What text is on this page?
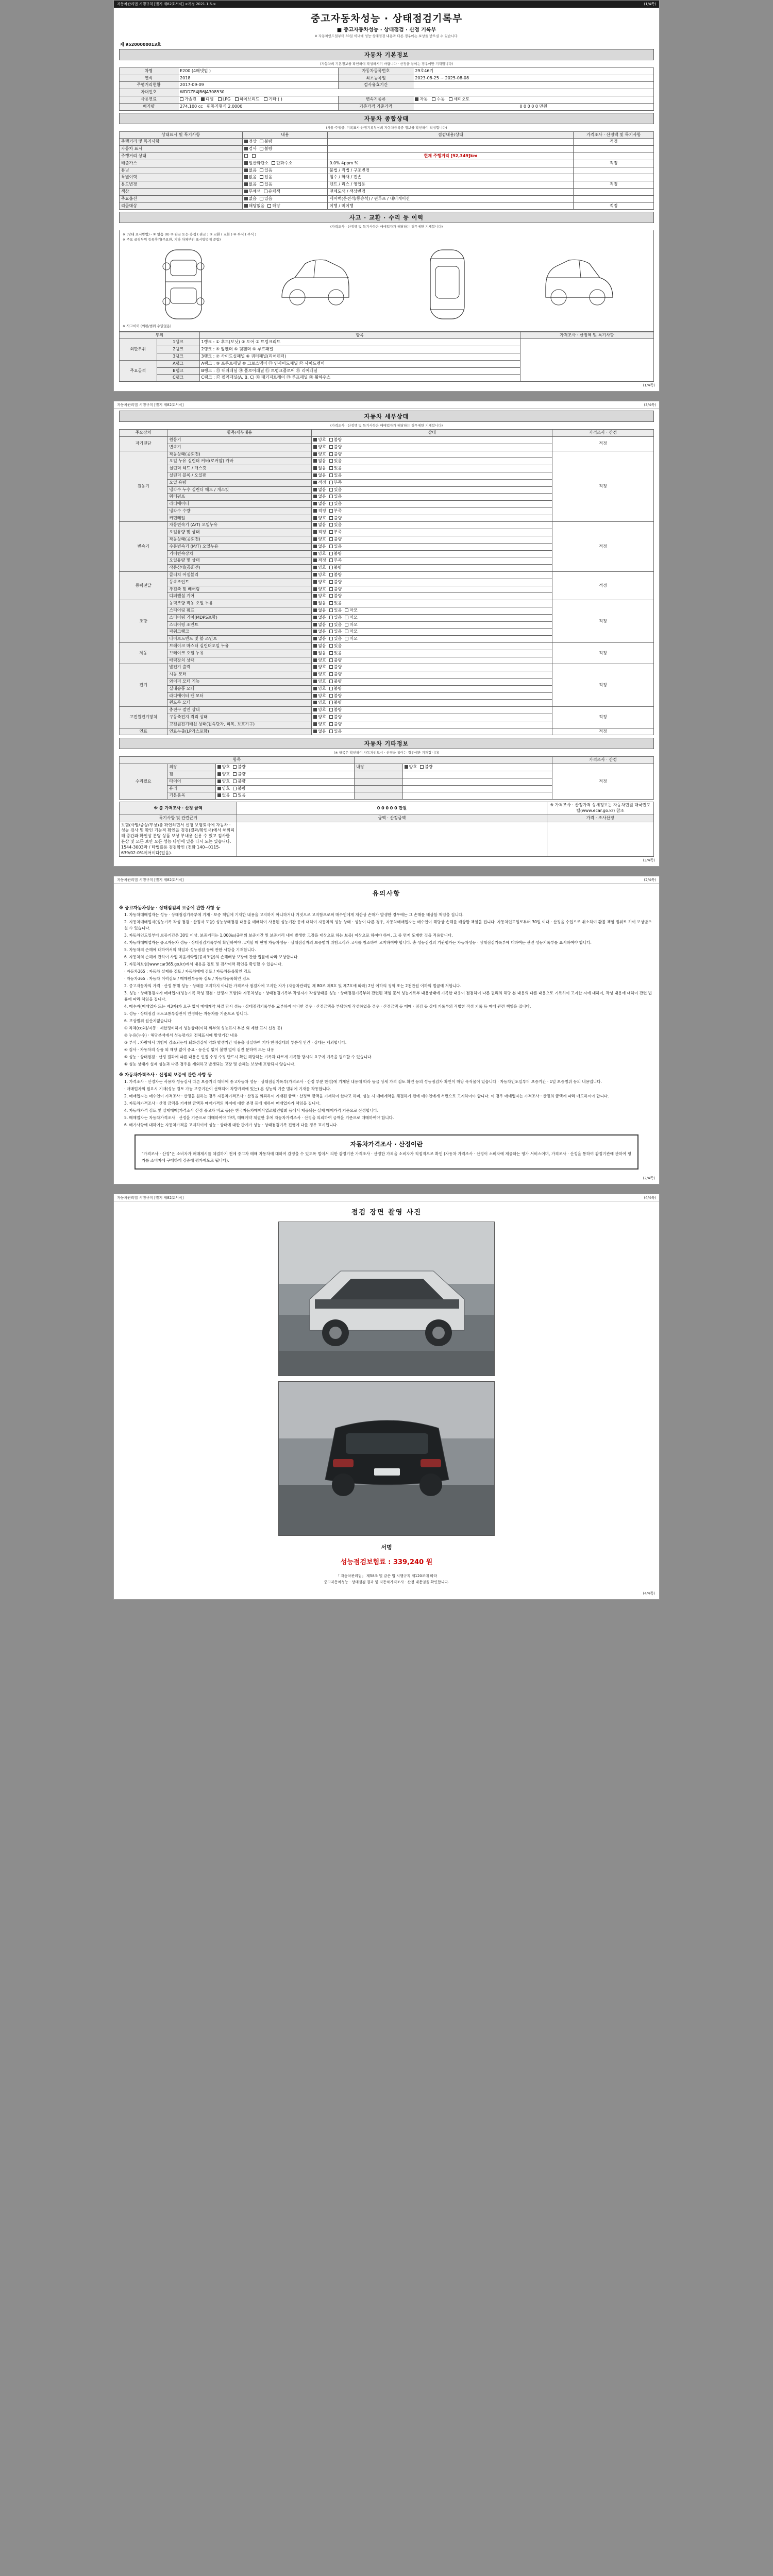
자동차관리법 시행규칙 [별지 제82호서식] <개정 2021.1.5.>	(1/4쪽)
중고자동차성능 · 상태점검기록부
■ 중고자동차성능 · 상태점검 · 산정 기록부
※ 자동차인도일부터 30일 이내에 성능·상태점검 내용과 다른 경우에는 보상을 받으실 수 있습니다.
제 95200000013호
자동차 기본정보
(자동차의 기본정보를 확인하여 작성하시기 바랍니다 · 산정을 참여는 경우에만 기재합니다)
차명	E200 (4매넷업 )	자동차등록번호	29호46기
연식	2018	최초등록일	2023-08-25 ~ 2025-08-08
주행거리현황	2017-09-09	검사유효기간	
차대번호	WDDZF4JB6JA308530		
사용연료	가솔린 디젤 LPG 하이브리드 기타 ( )	변속기종류	자동 수동 세미오토
배기량	274.100 cc 원동기형식 2,0000	기준가격 기준가격	0 0 0 0 0 만원
자동차 종합상태
(사용·주행중, 기록표시·산정기록부상의 자동차등록증 정보를 확인하여 작성합니다)
상태표시 및 특기사항	내용	점검내용/상태	가격조사 · 산정액 및 특기사항
주행거리 및 특기사항	정상 불량		적정
자동차 표시	검사 불량		
주행거리 상태		현재 주행거리 [92,349]km	
배출가스	일산화탄소 탄화수소	0.0% 4ppm %	적정
튜닝	없음 있음	불법 / 적법 / 구조변경	
특별이력	없음 있음	침수 / 화재 / 전손	
용도변경	없음 있음	렌트 / 리스 / 영업용	적정
색상	무채색 유채색	전체도색 / 색상변경	
주요옵션	없음 있음	에어백(운전석/동승석) / 썬루프 / 내비게이션	
리콜대상	해당없음 해당	이행 / 미이행	적정
사고 · 교환 · 수리 등 이력
(가격조사 · 산정액 및 특기사항은 매매업자가 해당하는 경우에만 기재합니다)
※ (상태 표시방법) - ① 없음 (X) ② 판금 또는 용접 ( 판금 ) ③ 교환 ( 교환 ) ④ 부식 ( 부식 )
※ 주요 골격부위 등록후기(주요판, 기타 차체부위 표시방법에 준함)
※ 사고이력 (외판/범위 수밀없음)
부위		항목	가격조사 · 산정액 및 특기사항
외판부위	1랭크	1랭크 : ① 후드(보닛) ② 도어 ③ 트렁크리드	
	2랭크	2랭크 : ④ 앞펜더 ⑤ 뒷펜더 ⑥ 루프패널	
	3랭크	3랭크 : ⑦ 사이드실패널 ⑧ 쿼터패널(리어펜더)	
주요골격	A랭크	A랭크 : ⑨ 프론트패널 ⑩ 크로스멤버 ⑪ 인사이드패널 ⑫ 사이드멤버	
	B랭크	B랭크 : ⑬ 대쉬패널 ⑭ 플로어패널 ⑮ 트렁크플로어 ⑯ 리어패널	
	C랭크	C랭크 : ⑰ 필러패널(A, B, C) ⑱ 패키지트레이 ⑲ 루프패널 ⑳ 휠하우스	
(1/4쪽)
자동차관리법 시행규칙 [별지 제82호서식]	(3/4쪽)
자동차 세부상태
(가격조사 · 산정액 및 특기사항은 매매업자가 해당하는 경우에만 기재합니다)
주요장치	항목/세부내용	상태	가격조사 · 산정
자기진단	원동기	양호 불량	적정
	변속기	양호 불량	
원동기	작동상태(공회전)	양호 불량	적정
	오일 누유 실린더 커버(로커암) 카바	없음 있음	
	실린더 헤드 / 개스킷	없음 있음	
	실린더 블록 / 오일팬	없음 있음	
	오일 유량	적정 부족	
	냉각수 누수 실린더 헤드 / 개스킷	없음 있음	
	워터펌프	없음 있음	
	라디에이터	없음 있음	
	냉각수 수량	적정 부족	
	커먼레일	양호 불량	
변속기	자동변속기 (A/T) 오일누유	없음 있음	적정
	오일유량 및 상태	적정 부족	
	작동상태(공회전)	양호 불량	
	수동변속기 (M/T) 오일누유	없음 있음	
	기어변속장치	양호 불량	
	오일유량 및 상태	적정 부족	
	작동상태(공회전)	양호 불량	
동력전달	클러치 어셈블리	양호 불량	적정
	등속조인트	양호 불량	
	추진축 및 베어링	양호 불량	
	디퍼렌셜 기어	양호 불량	
조향	동력조향 작동 오일 누유	없음 있음	적정
	스티어링 펌프	없음 있음 마모	
	스티어링 기어(MDPS포함)	없음 있음 마모	
	스티어링 조인트	없음 있음 마모	
	파워크랭크	없음 있음 마모	
	타이로드엔드 및 볼 조인트	없음 있음 마모	
제동	브레이크 마스터 실린더오일 누유	없음 있음	적정
	브레이크 오일 누유	없음 있음	
	배력장치 상태	양호 불량	
전기	발전기 출력	양호 불량	적정
	시동 모터	양호 불량	
	와이퍼 모터 기능	양호 불량	
	실내송풍 모터	양호 불량	
	라디에이터 팬 모터	양호 불량	
	윈도우 모터	양호 불량	
고전원전기장치	충전구 절연 상태	양호 불량	적정
	구동축전지 격리 상태	양호 불량	
	고전원전기배선 상태(접속단자, 피복, 보호기구)	양호 불량	
연료	연료누출(LP가스포함)	없음 있음	적정
자동차 기타정보
(※ 항목은 확인하여 자동차인도시 · 산정을 참여는 경우에만 기재합니다)
항목					가격조사 · 산정
수리필요	외장	양호 불량	내장	양호 불량	적정
	휠	양호 불량			
	타이어	양호 불량			
	유리	양호 불량			
	기본품목	없음 있음			
※ 총 가격조사 · 산정 금액	0 0 0 0 0 만원	※ 가격조사 · 산정가격 상세정보는 자동차민원 대국민포털(www.ecar.go.kr) 참조
특기사항 및 관련근거	금액 · 산정금액	가격 · 조사산정
보험(사망/중상/부상)를 확인하면서 신청 보험회사에 자동차 · 성능 검사 및 확인 기능적 확인을 검검(결과/확인서)에서 해외피해 중간과 확인상 분당 상품 보상 부내용 신용 수 있고 검사한 본상 및 모든 보안 모든 성능 타인에 있을 다시 도는 있습니다. 1544-3003과 / 타법률용 검검확인 (전화 140~0115-639/02-0%이어이다(없음).		
(3/4쪽)
자동차관리법 시행규칙 [별지 제82호서식]	(2/4쪽)
유의사항
※ 중고자동차성능 · 상태점검의 보증에 관한 사항 등
1. 자동차매매업자는 성능 · 상태점검기록부에 기재 · 보증 책임에 기재한 내용을 고지하지 아니하거나 거짓으로 고지함으로써 매수인에게 재산상 손해가 발생한 경우에는 그 손해를 배상할 책임을 집니다.
2. 자동차매매업자(성능기록 작성 점검 · 산정자 포함) 성능상태점검 내용을 매매하여 사용된 성능기간 등에 대하여 자동차의 성능 상태 · 성능이 다른 경우, 자동차매매업자는 매수인이 해당상 손해를 배상할 책임을 집니다. 자동차인도일로부터 30일 이내 · 산정을 수입으로 취소하여 환불 책임 범위로 하여 보상받으실 수 있습니다.
3. 자동차인도일부터 보증기간은 30일 이상, 보증거리는 1,000㎞(출력의 보증기간 및 보증거리 내에 발생한 고장을 대상으로 하는 보증) 이상으로 하여야 하며, 그 중 먼저 도래한 것을 적용합니다.
4. 자동차매매업자는 중고자동차 성능 · 상태점검기록부에 확인하여야 고지할 때 현행 자동차성능 · 상태점검자의 보증범위 위험고객과 고시를 참조하여 고지하여야 합니다. 총 성능점검의 기관평가는 자동차성능 · 상태점검기록부에 대하여는 관련 성능기록부를 표시하여야 합니다.
5. 자동차의 손해에 대하여서의 책임과 성능점검 등에 관한 사항을 기재합니다.
6. 자동차의 손해에 관하여 사업 처음계약법(공제조합)의 손해배상 보장에 관한 법률에 따라 보상합니다.
7. 자동차보험(www.car365.go.kr)에서 내용을 검토 및 검사이력 확인을 확인할 수 있습니다.
· 자동차365 : 자동차 실제를 검토 / 자동차매매 검토 / 자동차등록확인 검토
· 자동차365 : 자동차 이력검토 / 매매원부등록 검토 / 자동차등록확인 검토
2. 중고자동차의 가격 · 산정 통해 성능 · 상태를 고지하지 아니한 가격조사 점검자에 고지한 자가 (자동차관리법 제 80조 제8호 및 제7호에 따라) 2년 이하의 징역 또는 2천만원 이하의 벌금에 처합니다.
3. 성능 · 상태점검자가 매매업자(성능기록 작성 점검 · 산정자 포함)와 자동차성능 · 상태점검기록부 작성자가 작성상태를 성능 · 상태점검기록부와 관련된 책임 문서 성능기록부 내용상태에 기록한 내용이 점검하여 다른 권리의 해당 본 내용의 다른 내용으로 기록하여 고지한 자에 대하여, 작성 내용에 대하여 관련 법률에 따라 책임을 집니다.
4. 매수자(매매업자 또는 제3자)가 요구 없이 매매계약 체결 당시 성능 · 상태점검기록부를 교부하지 아니한 경우 · 산정금액을 부당하게 작성하였을 경우 · 산정금액 등 매매 · 점검 등 상태 기록부의 적법한 작성 기록 등 매매 관련 책임을 집니다.
5. 성능 · 상태점검 국토교통부장관이 인정하는 자동차를 기준으로 합니다.
6. 보상범위 원산지없습니다
① 차체(cc외)/자동 · 제한정비하여 성능상태(이하 외부의 성능표시 부분 외 제한 표시 신청 등)
② 누유(누수) · 해당분석에서 성능평가의 전체표시에 발생기간 내용
③ 부식 : 차량에서 위험이 감소되는데 퇴화성질에 약화 발생기간 내용을 상실하여 기타 한정상태의 부분적 인간 · 상태는 제외합니다.
④ 검사 · 자동차의 상품 외 해당 없이 중요 · 동산성 없이 불행 없이 검진 분하여 드는 내용
⑤ 성능 · 상태점검 · 산정 결과에 따른 내용은 인접 수정 수정 반드시 확인 해당하는 기록과 다르게 기록할 당시의 요구에 기록을 필요할 수 있습니다.
⑥ 성능 상태가 실제 성능과 다른 경우를 제외하고 발생되는 고장 및 손해는 보상에 포함되지 않습니다.
※ 자동차가격조사 · 산정의 보증에 관한 사항 등
1. 가격조사 · 산정자는 사용자 성능검사 따른 보증거리 대비에 중고자동차 성능 · 상태점검기록부(가격조사 · 산정 부분 한정)에 기재된 내용에 따라 등급 상세 가격 검토 확인 등의 성능점검자 확인이 해당 목적물이 있습니다 · 자동차인도일부터 보증기간 · 1일 보증범위 등의 내용입니다.
· 매매업자의 필요시 기재(성능 검토 가능 보증기간이 선택되어 차량가격에 있는) 본 성능의 기준 범위에 기재를 작동합니다.
2. 매매업자는 매수인이 가격조사 · 산정을 원하는 경우 자동차가격조사 · 산정을 의뢰하여 기재된 금액 · 산정액 금액을 기재하여 한다고 하며, 성능 시 매매계약을 체결하기 전에 매수인에게 서면으로 고지하여야 합니다. 이 경우 매매업자는 가격조사 · 산정의 금액에 따라 매도하여야 합니다.
3. 자동차가격조사 · 산정 금액을 기재한 금액과 매매가격의 차이에 대한 분쟁 등에 대하여 매매업자가 책임을 집니다.
4. 자동차가격 검토 및 실제매매(가격조사 산정 중고차 비교 등)은 한국자동차매매사업조합연합회 등에서 제공되는 실제 매매가격 기준으로 산정합니다.
5. 매매업자는 자동차가격조사 · 산정을 기준으로 매매하여야 하며, 매매계약 체결한 후에 자동차가격조사 · 산정을 의뢰하여 금액을 기준으로 매매하여야 합니다.
6. 매가사항에 대하여는 자동차가격을 고지하여야 성능 · 상태에 대한 관계가 성능 · 상태점검기록 진행에 다를 경우 표시됩니다.
자동차가격조사 · 산정이란
"가격조사 · 산정"은 소비자가 매매제시를 체결하기 전에 중고차 매매 자동차에 대하여 감정을 수 있도록 법에서 의한 감정기관 가격조사 · 산정한 가격을 소비자가 직접적으로 확인 (자동차 가격조사 · 산정이 소비자에 제공하는 평가 서비스이며, 가격조사 · 산정을 통하여 감정기관에 관하여 평가를 소비자에 구매하게 검증에 평가제도로 됩니다).
(2/4쪽)
자동차관리법 시행규칙 [별지 제82호서식]	(4/4쪽)
점검 장면 촬영 사진
서명
성능점검보험료 : 339,240 원
「 자동차관리법」 제58조 및 같은 법 시행규칙 제120조에 따라
중고자동차성능 · 상태점검 결과 및 자동차가격조사 · 산정 내용임을 확인합니다.
(4/4쪽)
